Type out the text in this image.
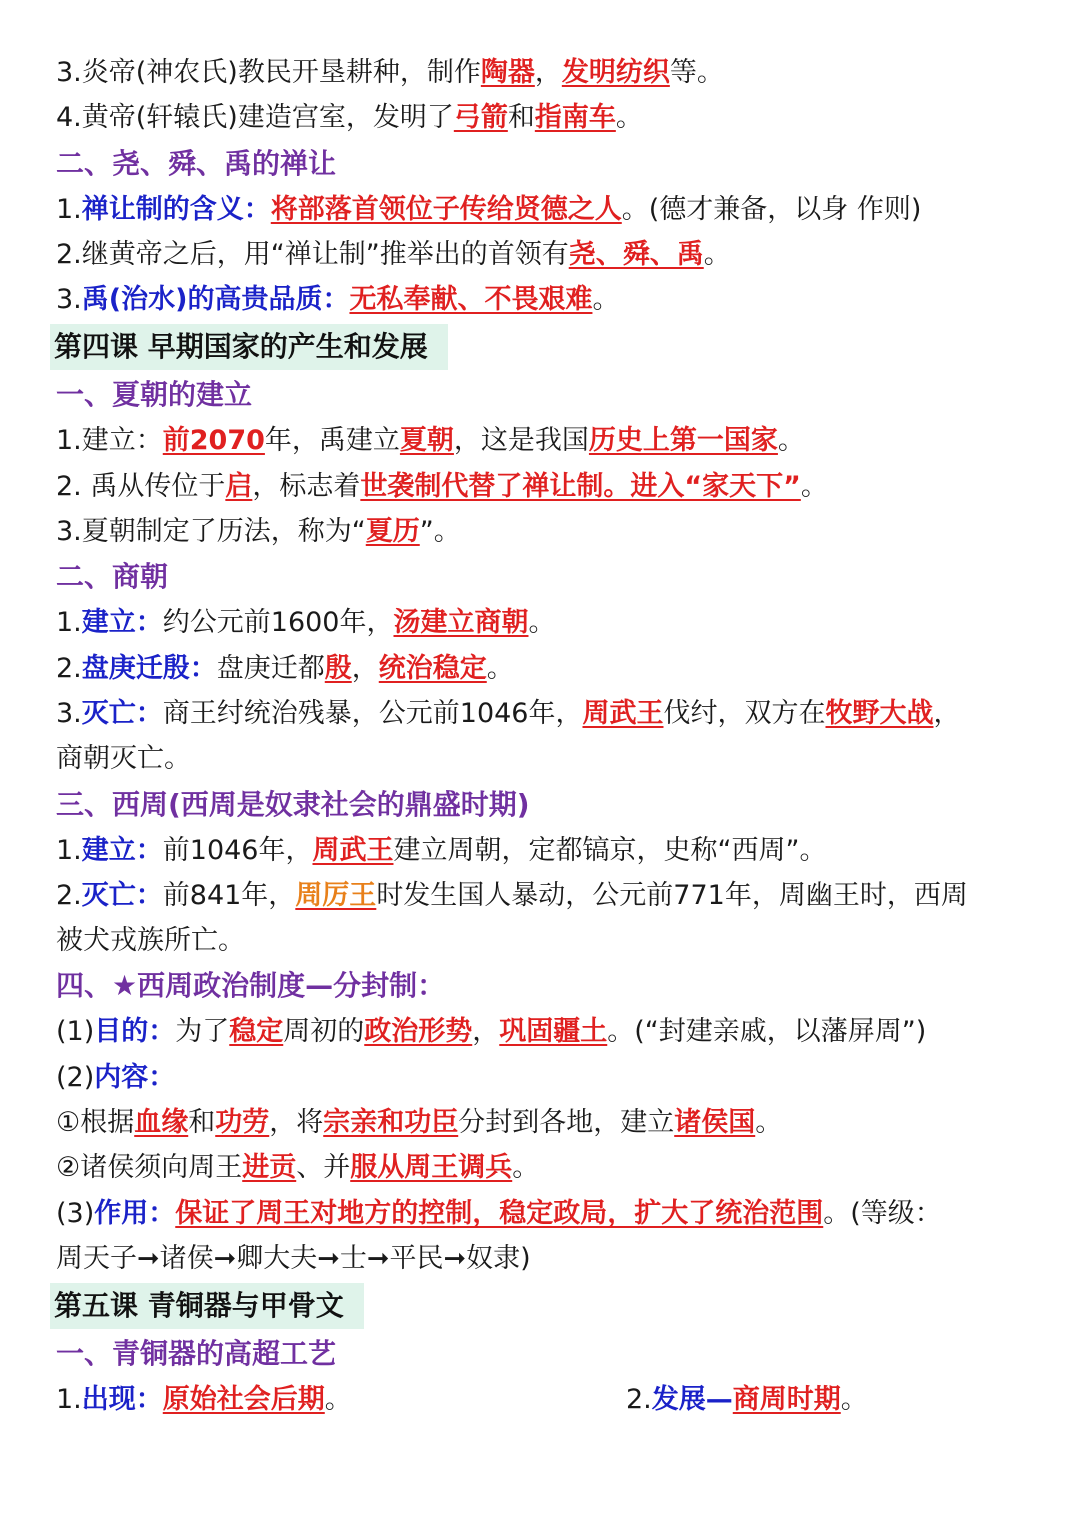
3.炎帝(神农氏)教民开垦耕种，制作陶器，发明纺织等。
4.黄帝(轩辕氏)建造宫室，发明了弓箭和指南车。
二、尧、舜、禹的禅让
1.禅让制的含义：将部落首领位子传给贤德之人。(德才兼备，以身 作则)
2.继黄帝之后，用“禅让制”推举出的首领有尧、舜、禹。
3.禹(治水)的高贵品质：无私奉献、不畏艰难。
第四课 早期国家的产生和发展
一、夏朝的建立
1.建立：前2070年，禹建立夏朝，这是我国历史上第一国家。
2. 禹从传位于启，标志着世袭制代替了禅让制。进入“家天下”。
3.夏朝制定了历法，称为“夏历”。
二、商朝
1.建立：约公元前1600年，汤建立商朝。
2.盘庚迁殷：盘庚迁都殷，统治稳定。
3.灭亡：商王纣统治残暴，公元前1046年，周武王伐纣，双方在牧野大战，
商朝灭亡。
三、西周(西周是奴隶社会的鼎盛时期)
1.建立：前1046年，周武王建立周朝，定都镐京，史称“西周”。
2.灭亡：前841年，周厉王时发生国人暴动，公元前771年，周幽王时，西周
被犬戎族所亡。
四、★西周政治制度—分封制：
(1)目的：为了稳定周初的政治形势，巩固疆土。(“封建亲戚，以藩屏周”)
(2)内容：
①根据血缘和功劳，将宗亲和功臣分封到各地，建立诸侯国。
②诸侯须向周王进贡、并服从周王调兵。
(3)作用：保证了周王对地方的控制，稳定政局，扩大了统治范围。(等级：
周天子➞诸侯➞卿大夫➞士➞平民➞奴隶)
第五课 青铜器与甲骨文
一、青铜器的高超工艺
1.出现：原始社会后期。	2.发展—商周时期。
